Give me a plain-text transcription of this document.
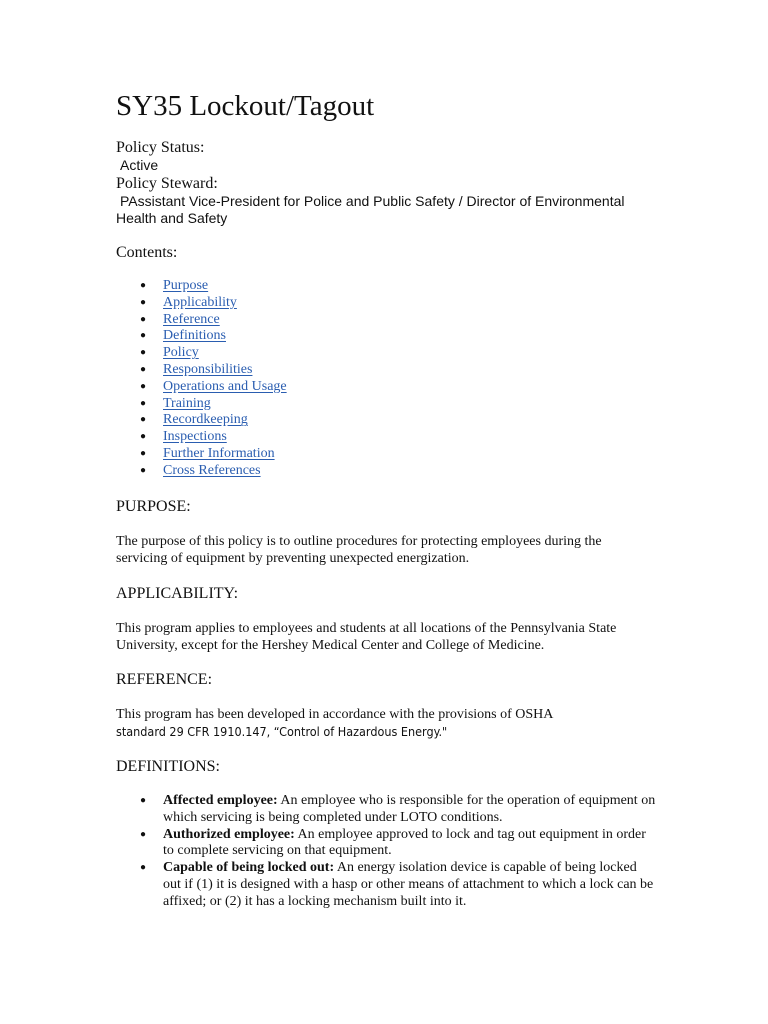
SY35 Lockout/Tagout
Policy Status:
Active
Policy Steward:
PAssistant Vice-President for Police and Public Safety / Director of Environmental Health and Safety
Contents:
● Purpose
● Applicability
● Reference
● Definitions
● Policy
● Responsibilities
● Operations and Usage
● Training
● Recordkeeping
● Inspections
● Further Information
● Cross References
PURPOSE:

The purpose of this policy is to outline procedures for protecting employees during the servicing of equipment by preventing unexpected energization.

APPLICABILITY:

This program applies to employees and students at all locations of the Pennsylvania State University, except for the Hershey Medical Center and College of Medicine.

REFERENCE:

This program has been developed in accordance with the provisions of OSHA
standard 29 CFR 1910.147, “Control of Hazardous Energy."

DEFINITIONS:
● Affected employee: An employee who is responsible for the operation of equipment on which servicing is being completed under LOTO conditions.
● Authorized employee: An employee approved to lock and tag out equipment in order to complete servicing on that equipment.
● Capable of being locked out: An energy isolation device is capable of being locked out if (1) it is designed with a hasp or other means of attachment to which a lock can be affixed; or (2) it has a locking mechanism built into it.
